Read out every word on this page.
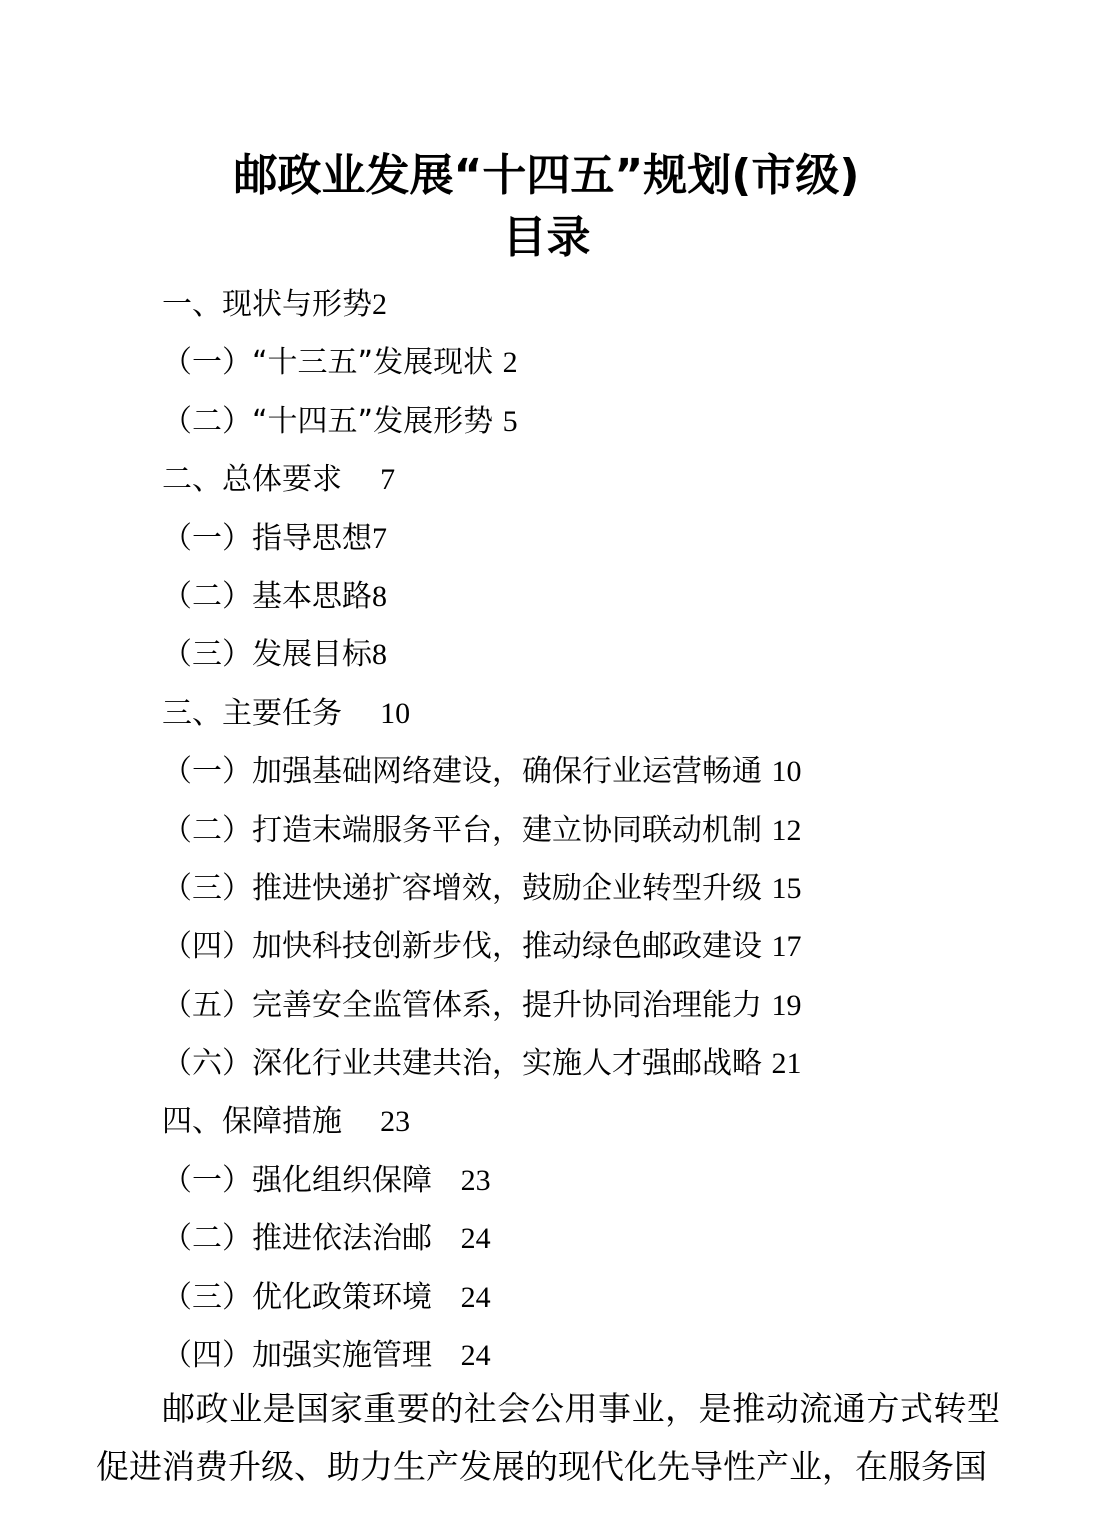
邮政业发展“十四五”规划(市级)
目录
一、现状与形势2
（一）“十三五”发展现状 2
（二）“十四五”发展形势 5
二、总体要求 7
（一）指导思想7
（二）基本思路8
（三）发展目标8
三、主要任务 10
（一）加强基础网络建设，确保行业运营畅通 10
（二）打造末端服务平台，建立协同联动机制 12
（三）推进快递扩容增效，鼓励企业转型升级 15
（四）加快科技创新步伐，推动绿色邮政建设 17
（五）完善安全监管体系，提升协同治理能力 19
（六）深化行业共建共治，实施人才强邮战略 21
四、保障措施 23
（一）强化组织保障 23
（二）推进依法治邮 24
（三）优化政策环境 24
（四）加强实施管理 24
邮政业是国家重要的社会公用事业，是推动流通方式转型促进消费升级、助力生产发展的现代化先导性产业，在服务国
